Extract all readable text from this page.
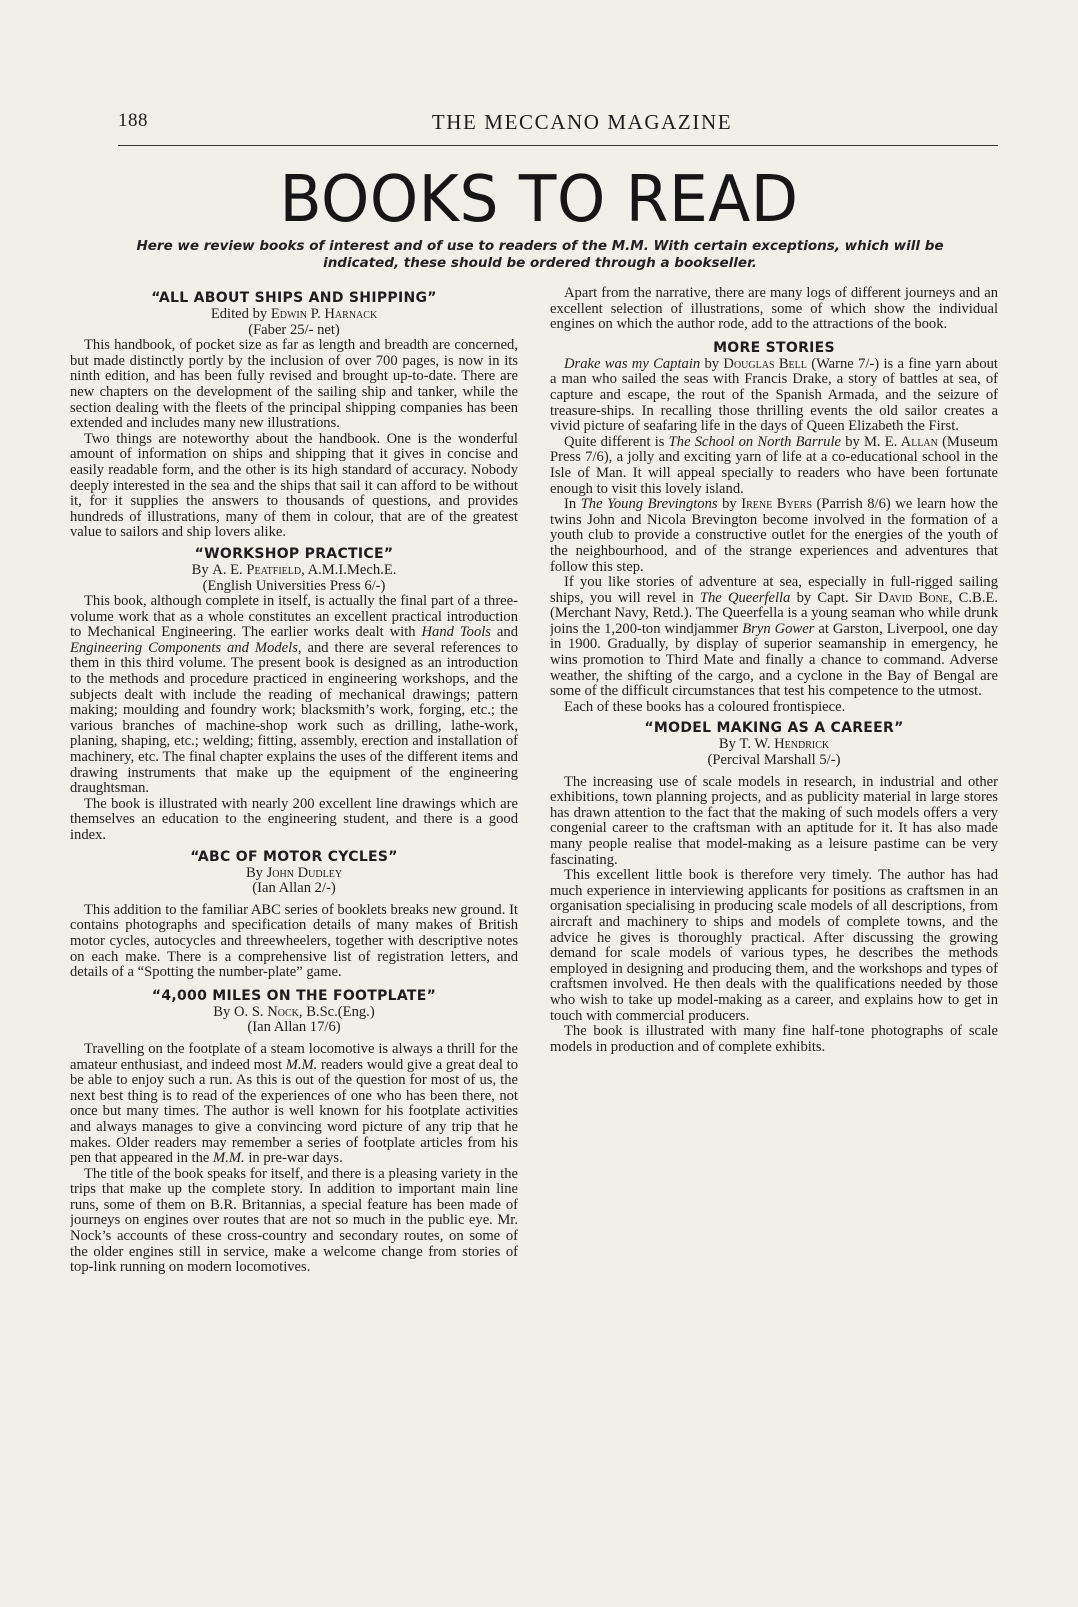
188	THE MECCANO MAGAZINE
BOOKS TO READ
Here we review books of interest and of use to readers of the M.M. With certain exceptions, which will be indicated, these should be ordered through a bookseller.
“ALL ABOUT SHIPS AND SHIPPING”
Edited by Edwin P. Harnack
(Faber 25/- net)

This handbook, of pocket size as far as length and breadth are concerned, but made distinctly portly by the inclusion of over 700 pages, is now in its ninth edition, and has been fully revised and brought up-to-date. There are new chapters on the development of the sailing ship and tanker, while the section dealing with the fleets of the principal shipping companies has been extended and includes many new illustrations.

Two things are noteworthy about the handbook. One is the wonderful amount of information on ships and shipping that it gives in concise and easily readable form, and the other is its high standard of accuracy. Nobody deeply interested in the sea and the ships that sail it can afford to be without it, for it supplies the answers to thousands of questions, and provides hundreds of illustrations, many of them in colour, that are of the greatest value to sailors and ship lovers alike.

“WORKSHOP PRACTICE”
By A. E. Peatfield, A.M.I.Mech.E.
(English Universities Press 6/-)

This book, although complete in itself, is actually the final part of a three-volume work that as a whole constitutes an excellent practical introduction to Mechanical Engineering. The earlier works dealt with Hand Tools and Engineering Components and Models, and there are several references to them in this third volume. The present book is designed as an introduction to the methods and procedure practiced in engineering workshops, and the subjects dealt with include the reading of mechanical drawings; pattern making; moulding and foundry work; blacksmith’s work, forging, etc.; the various branches of machine-shop work such as drilling, lathe-work, planing, shaping, etc.; welding; fitting, assembly, erection and installation of machinery, etc. The final chapter explains the uses of the different items and drawing instruments that make up the equipment of the engineering draughtsman.

The book is illustrated with nearly 200 excellent line drawings which are themselves an education to the engineering student, and there is a good index.

“ABC OF MOTOR CYCLES”
By John Dudley
(Ian Allan 2/-)

This addition to the familiar ABC series of booklets breaks new ground. It contains photographs and specification details of many makes of British motor cycles, autocycles and threewheelers, together with descriptive notes on each make. There is a comprehensive list of registration letters, and details of a “Spotting the number-plate” game.

“4,000 MILES ON THE FOOTPLATE”
By O. S. Nock, B.Sc.(Eng.)
(Ian Allan 17/6)

Travelling on the footplate of a steam locomotive is always a thrill for the amateur enthusiast, and indeed most M.M. readers would give a great deal to be able to enjoy such a run. As this is out of the question for most of us, the next best thing is to read of the experiences of one who has been there, not once but many times. The author is well known for his footplate activities and always manages to give a convincing word picture of any trip that he makes. Older readers may remember a series of footplate articles from his pen that appeared in the M.M. in pre-war days.

The title of the book speaks for itself, and there is a pleasing variety in the trips that make up the complete story. In addition to important main line runs, some of them on B.R. Britannias, a special feature has been made of journeys on engines over routes that are not so much in the public eye. Mr. Nock’s accounts of these cross-country and secondary routes, on some of the older engines still in service, make a welcome change from stories of top-link running on modern locomotives.

Apart from the narrative, there are many logs of different journeys and an excellent selection of illustrations, some of which show the individual engines on which the author rode, add to the attractions of the book.

MORE STORIES

Drake was my Captain by Douglas Bell (Warne 7/-) is a fine yarn about a man who sailed the seas with Francis Drake, a story of battles at sea, of capture and escape, the rout of the Spanish Armada, and the seizure of treasure-ships. In recalling those thrilling events the old sailor creates a vivid picture of seafaring life in the days of Queen Elizabeth the First.

Quite different is The School on North Barrule by M. E. Allan (Museum Press 7/6), a jolly and exciting yarn of life at a co-educational school in the Isle of Man. It will appeal specially to readers who have been fortunate enough to visit this lovely island.

In The Young Brevingtons by Irene Byers (Parrish 8/6) we learn how the twins John and Nicola Brevington become involved in the formation of a youth club to provide a constructive outlet for the energies of the youth of the neighbourhood, and of the strange experiences and adventures that follow this step.

If you like stories of adventure at sea, especially in full-rigged sailing ships, you will revel in The Queerfella by Capt. Sir David Bone, C.B.E. (Merchant Navy, Retd.). The Queerfella is a young seaman who while drunk joins the 1,200-ton windjammer Bryn Gower at Garston, Liverpool, one day in 1900. Gradually, by display of superior seamanship in emergency, he wins promotion to Third Mate and finally a chance to command. Adverse weather, the shifting of the cargo, and a cyclone in the Bay of Bengal are some of the difficult circumstances that test his competence to the utmost.

Each of these books has a coloured frontispiece.

“MODEL MAKING AS A CAREER”
By T. W. Hendrick
(Percival Marshall 5/-)

The increasing use of scale models in research, in industrial and other exhibitions, town planning projects, and as publicity material in large stores has drawn attention to the fact that the making of such models offers a very congenial career to the craftsman with an aptitude for it. It has also made many people realise that model-making as a leisure pastime can be very fascinating.

This excellent little book is therefore very timely. The author has had much experience in interviewing applicants for positions as craftsmen in an organisation specialising in producing scale models of all descriptions, from aircraft and machinery to ships and models of complete towns, and the advice he gives is thoroughly practical. After discussing the growing demand for scale models of various types, he describes the methods employed in designing and producing them, and the workshops and types of craftsmen involved. He then deals with the qualifications needed by those who wish to take up model-making as a career, and explains how to get in touch with commercial producers.

The book is illustrated with many fine half-tone photographs of scale models in production and of complete exhibits.
